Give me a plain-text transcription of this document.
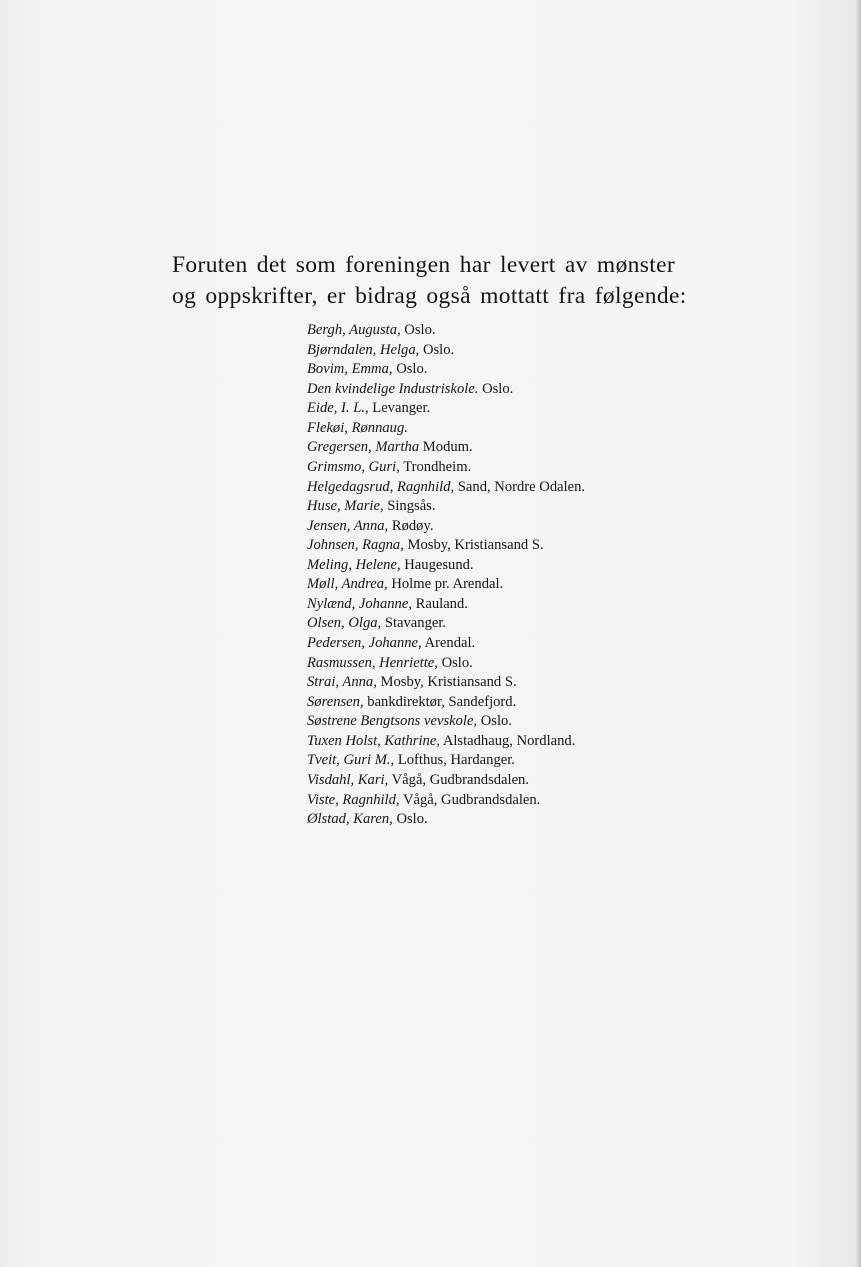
Foruten det som foreningen har levert av mønster
og oppskrifter, er bidrag også mottatt fra følgende:
Bergh, Augusta, Oslo.
Bjørndalen, Helga, Oslo.
Bovim, Emma, Oslo.
Den kvindelige Industriskole. Oslo.
Eide, I. L., Levanger.
Flekøi, Rønnaug.
Gregersen, Martha Modum.
Grimsmo, Guri, Trondheim.
Helgedagsrud, Ragnhild, Sand, Nordre Odalen.
Huse, Marie, Singsås.
Jensen, Anna, Rødøy.
Johnsen, Ragna, Mosby, Kristiansand S.
Meling, Helene, Haugesund.
Møll, Andrea, Holme pr. Arendal.
Nylænd, Johanne, Rauland.
Olsen, Olga, Stavanger.
Pedersen, Johanne, Arendal.
Rasmussen, Henriette, Oslo.
Strai, Anna, Mosby, Kristiansand S.
Sørensen, bankdirektør, Sandefjord.
Søstrene Bengtsons vevskole, Oslo.
Tuxen Holst, Kathrine, Alstadhaug, Nordland.
Tveit, Guri M., Lofthus, Hardanger.
Visdahl, Kari, Vågå, Gudbrandsdalen.
Viste, Ragnhild, Vågå, Gudbrandsdalen.
Ølstad, Karen, Oslo.
